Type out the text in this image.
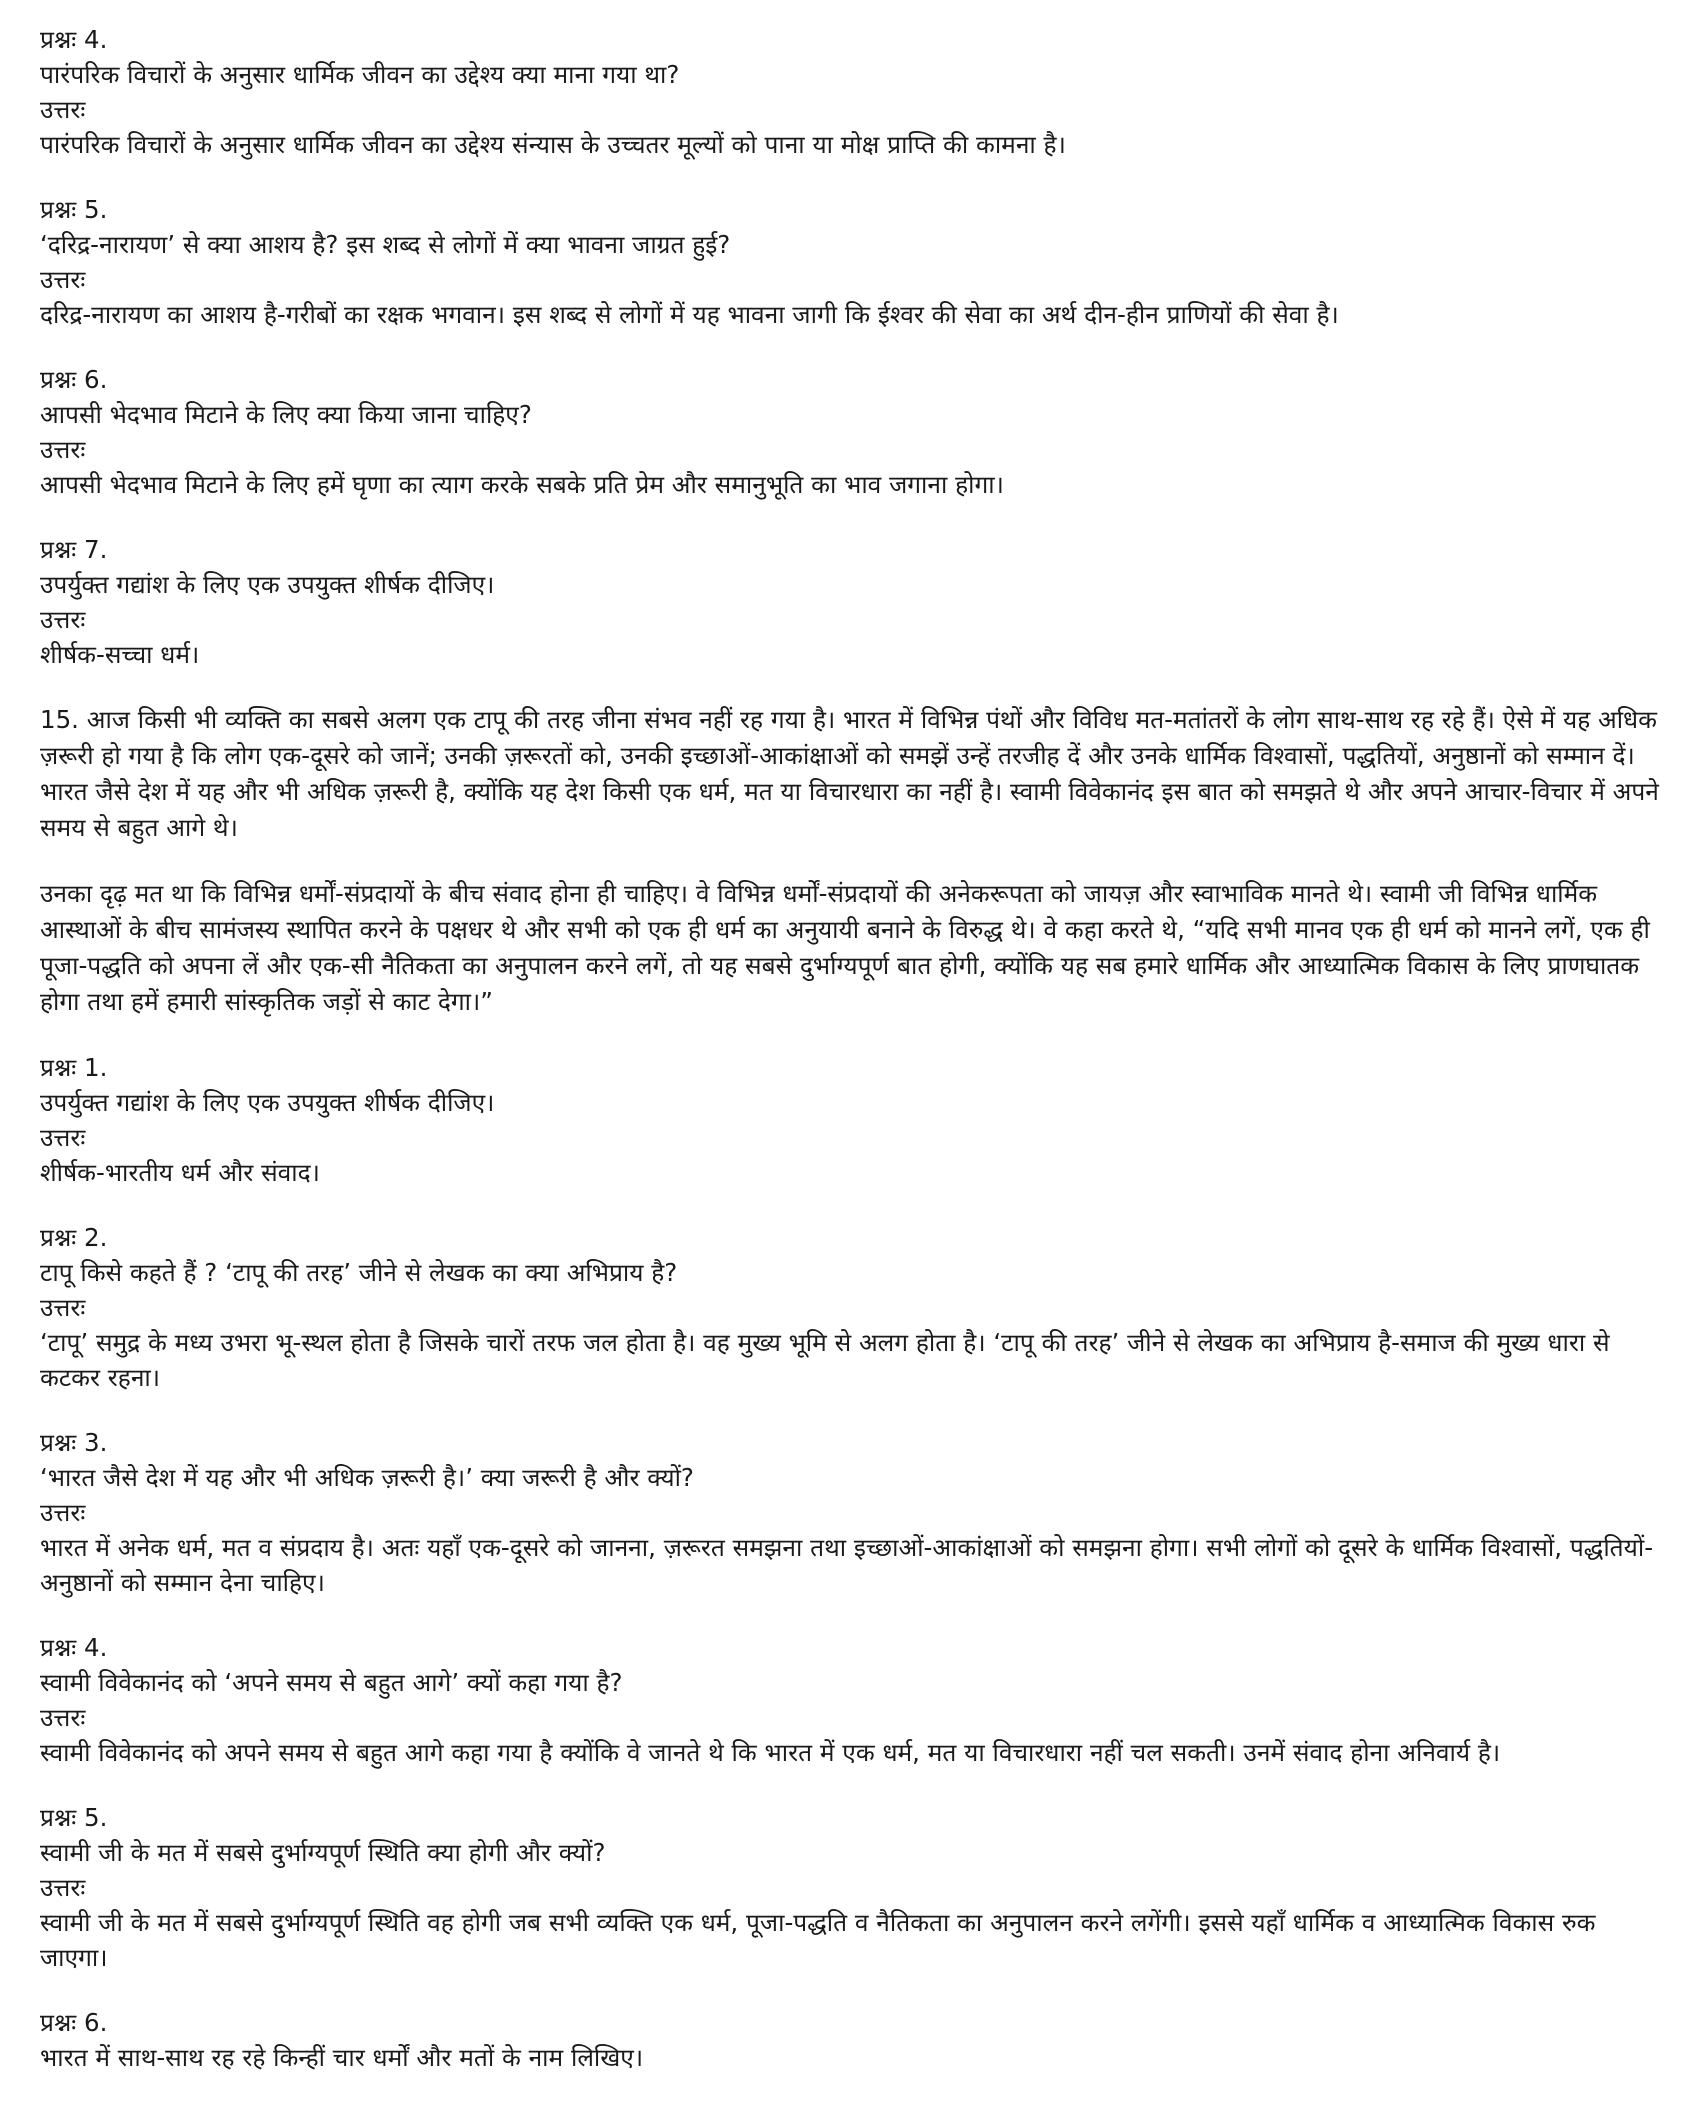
प्रश्नः 4.

पारंपरिक विचारों के अनुसार धार्मिक जीवन का उद्देश्य क्या माना गया था?

उत्तरः

पारंपरिक विचारों के अनुसार धार्मिक जीवन का उद्देश्य संन्यास के उच्चतर मूल्यों को पाना या मोक्ष प्राप्ति की कामना है।

प्रश्नः 5.

‘दरिद्र-नारायण’ से क्या आशय है? इस शब्द से लोगों में क्या भावना जाग्रत हुई?

उत्तरः

दरिद्र-नारायण का आशय है-गरीबों का रक्षक भगवान। इस शब्द से लोगों में यह भावना जागी कि ईश्वर की सेवा का अर्थ दीन-हीन प्राणियों की सेवा है।

प्रश्नः 6.

आपसी भेदभाव मिटाने के लिए क्या किया जाना चाहिए?

उत्तरः

आपसी भेदभाव मिटाने के लिए हमें घृणा का त्याग करके सबके प्रति प्रेम और समानुभूति का भाव जगाना होगा।

प्रश्नः 7.

उपर्युक्त गद्यांश के लिए एक उपयुक्त शीर्षक दीजिए।

उत्तरः

शीर्षक-सच्चा धर्म।

15. आज किसी भी व्यक्ति का सबसे अलग एक टापू की तरह जीना संभव नहीं रह गया है। भारत में विभिन्न पंथों और विविध मत-मतांतरों के लोग साथ-साथ रह रहे हैं। ऐसे में यह अधिक ज़रूरी हो गया है कि लोग एक-दूसरे को जानें; उनकी ज़रूरतों को, उनकी इच्छाओं-आकांक्षाओं को समझें उन्हें तरजीह दें और उनके धार्मिक विश्वासों, पद्धतियों, अनुष्ठानों को सम्मान दें। भारत जैसे देश में यह और भी अधिक ज़रूरी है, क्योंकि यह देश किसी एक धर्म, मत या विचारधारा का नहीं है। स्वामी विवेकानंद इस बात को समझते थे और अपने आचार-विचार में अपने समय से बहुत आगे थे।

उनका दृढ़ मत था कि विभिन्न धर्मों-संप्रदायों के बीच संवाद होना ही चाहिए। वे विभिन्न धर्मों-संप्रदायों की अनेकरूपता को जायज़ और स्वाभाविक मानते थे। स्वामी जी विभिन्न धार्मिक आस्थाओं के बीच सामंजस्य स्थापित करने के पक्षधर थे और सभी को एक ही धर्म का अनुयायी बनाने के विरुद्ध थे। वे कहा करते थे, “यदि सभी मानव एक ही धर्म को मानने लगें, एक ही पूजा-पद्धति को अपना लें और एक-सी नैतिकता का अनुपालन करने लगें, तो यह सबसे दुर्भाग्यपूर्ण बात होगी, क्योंकि यह सब हमारे धार्मिक और आध्यात्मिक विकास के लिए प्राणघातक होगा तथा हमें हमारी सांस्कृतिक जड़ों से काट देगा।”

प्रश्नः 1.

उपर्युक्त गद्यांश के लिए एक उपयुक्त शीर्षक दीजिए।

उत्तरः

शीर्षक-भारतीय धर्म और संवाद।

प्रश्नः 2.

टापू किसे कहते हैं ? ‘टापू की तरह’ जीने से लेखक का क्या अभिप्राय है?

उत्तरः

‘टापू’ समुद्र के मध्य उभरा भू-स्थल होता है जिसके चारों तरफ जल होता है। वह मुख्य भूमि से अलग होता है। ‘टापू की तरह’ जीने से लेखक का अभिप्राय है-समाज की मुख्य धारा से कटकर रहना।

प्रश्नः 3.

‘भारत जैसे देश में यह और भी अधिक ज़रूरी है।’ क्या जरूरी है और क्यों?

उत्तरः

भारत में अनेक धर्म, मत व संप्रदाय है। अतः यहाँ एक-दूसरे को जानना, ज़रूरत समझना तथा इच्छाओं-आकांक्षाओं को समझना होगा। सभी लोगों को दूसरे के धार्मिक विश्वासों, पद्धतियों-अनुष्ठानों को सम्मान देना चाहिए।

प्रश्नः 4.

स्वामी विवेकानंद को ‘अपने समय से बहुत आगे’ क्यों कहा गया है?

उत्तरः

स्वामी विवेकानंद को अपने समय से बहुत आगे कहा गया है क्योंकि वे जानते थे कि भारत में एक धर्म, मत या विचारधारा नहीं चल सकती। उनमें संवाद होना अनिवार्य है।

प्रश्नः 5.

स्वामी जी के मत में सबसे दुर्भाग्यपूर्ण स्थिति क्या होगी और क्यों?

उत्तरः

स्वामी जी के मत में सबसे दुर्भाग्यपूर्ण स्थिति वह होगी जब सभी व्यक्ति एक धर्म, पूजा-पद्धति व नैतिकता का अनुपालन करने लगेंगी। इससे यहाँ धार्मिक व आध्यात्मिक विकास रुक जाएगा।

प्रश्नः 6.

भारत में साथ-साथ रह रहे किन्हीं चार धर्मों और मतों के नाम लिखिए।
